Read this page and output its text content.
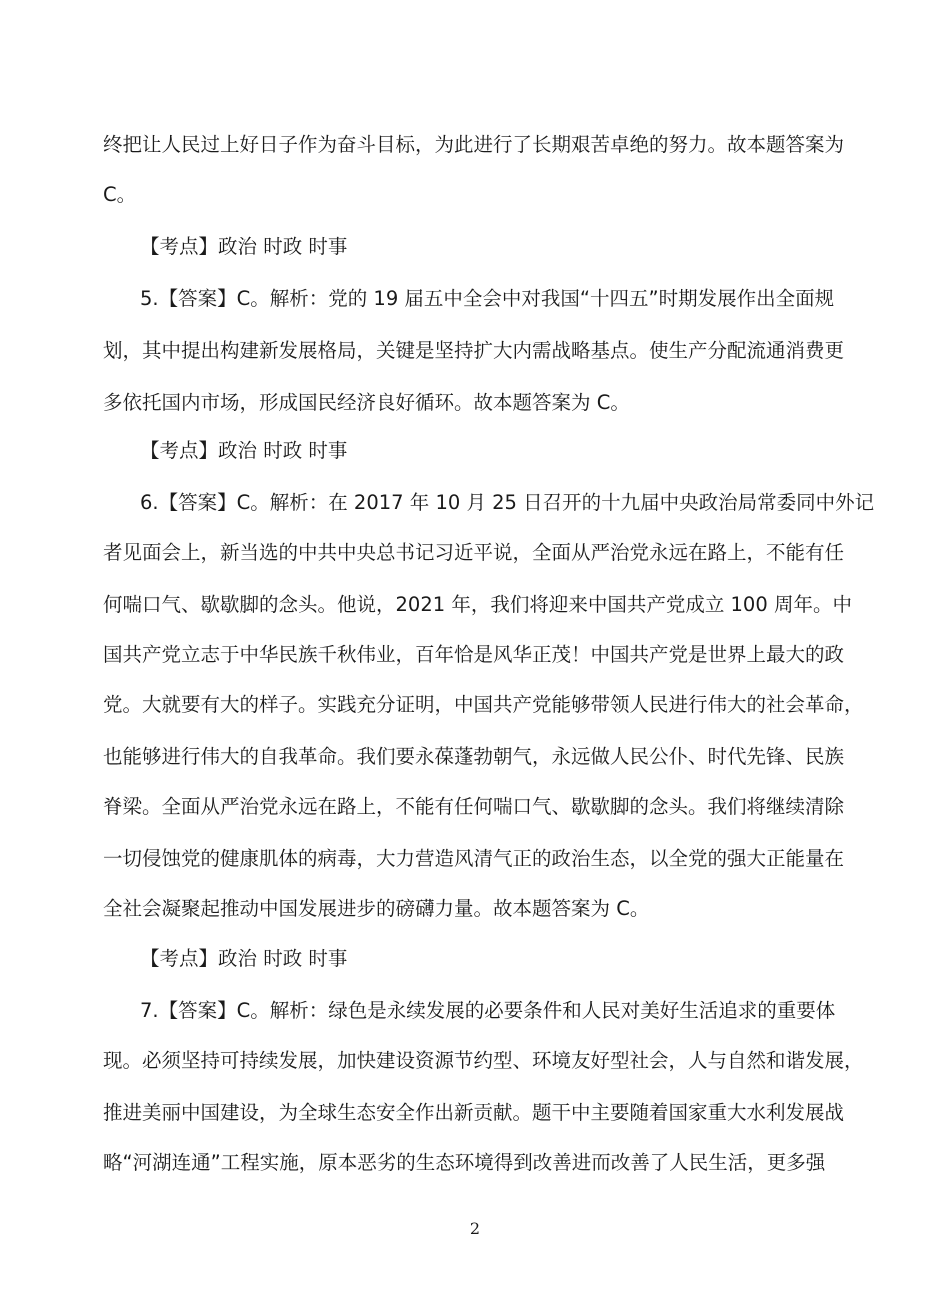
终把让人民过上好日子作为奋斗目标，为此进行了长期艰苦卓绝的努力。故本题答案为
C。
【考点】政治 时政 时事
5.【答案】C。解析：党的 19 届五中全会中对我国“十四五”时期发展作出全面规
划，其中提出构建新发展格局，关键是坚持扩大内需战略基点。使生产分配流通消费更
多依托国内市场，形成国民经济良好循环。故本题答案为 C。
【考点】政治 时政 时事
6.【答案】C。解析：在 2017 年 10 月 25 日召开的十九届中央政治局常委同中外记
者见面会上，新当选的中共中央总书记习近平说，全面从严治党永远在路上，不能有任
何喘口气、歇歇脚的念头。他说，2021 年，我们将迎来中国共产党成立 100 周年。中
国共产党立志于中华民族千秋伟业，百年恰是风华正茂！中国共产党是世界上最大的政
党。大就要有大的样子。实践充分证明，中国共产党能够带领人民进行伟大的社会革命，
也能够进行伟大的自我革命。我们要永葆蓬勃朝气，永远做人民公仆、时代先锋、民族
脊梁。全面从严治党永远在路上，不能有任何喘口气、歇歇脚的念头。我们将继续清除
一切侵蚀党的健康肌体的病毒，大力营造风清气正的政治生态，以全党的强大正能量在
全社会凝聚起推动中国发展进步的磅礴力量。故本题答案为 C。
【考点】政治 时政 时事
7.【答案】C。解析：绿色是永续发展的必要条件和人民对美好生活追求的重要体
现。必须坚持可持续发展，加快建设资源节约型、环境友好型社会，人与自然和谐发展，
推进美丽中国建设，为全球生态安全作出新贡献。题干中主要随着国家重大水利发展战
略“河湖连通”工程实施，原本恶劣的生态环境得到改善进而改善了人民生活，更多强
2
